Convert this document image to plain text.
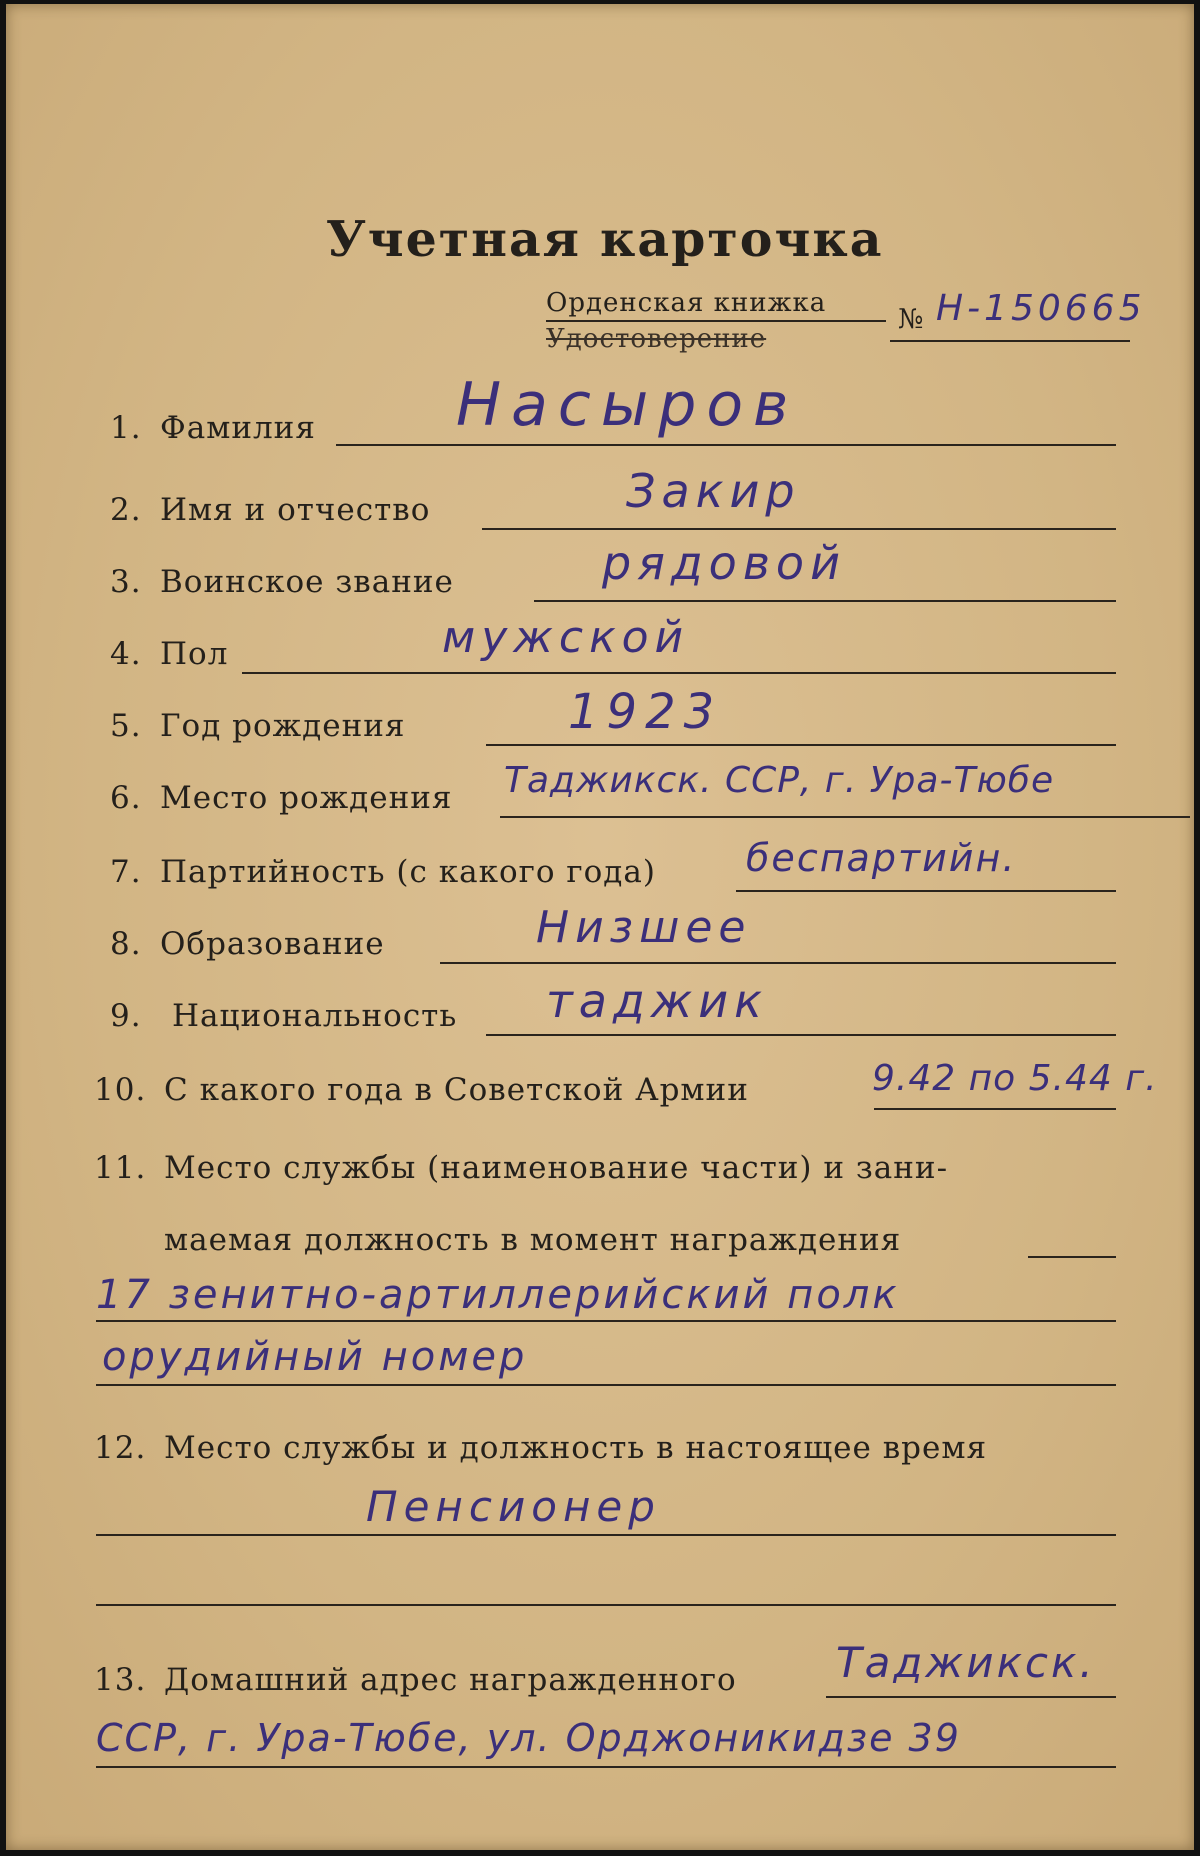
Учетная карточка
Орденская книжка
Удостоверение
№ Н-150665
1. Фамилия Насыров
2. Имя и отчество	Закир
3. Воинское звание	рядовой
4. Пол	мужской
5. Год рождения	1923
6. Место рождения Таджикск. ССР, г. Ура-Тюбе
7. Партийность (с какого года) беспартийн.
8. Образование	Низшее
9. Национальность таджик
10. С какого года в Советской Армии	9.42 по 5.44 г.
11. Место службы (наименование части) и зани-
маемая должность в момент награждения
17 зенитно-артиллерийский полк
орудийный номер
12. Место службы и должность в настоящее время
Пенсионер
13. Домашний адрес награжденного Таджикск.
ССР, г. Ура-Тюбе, ул. Орджоникидзе 39
